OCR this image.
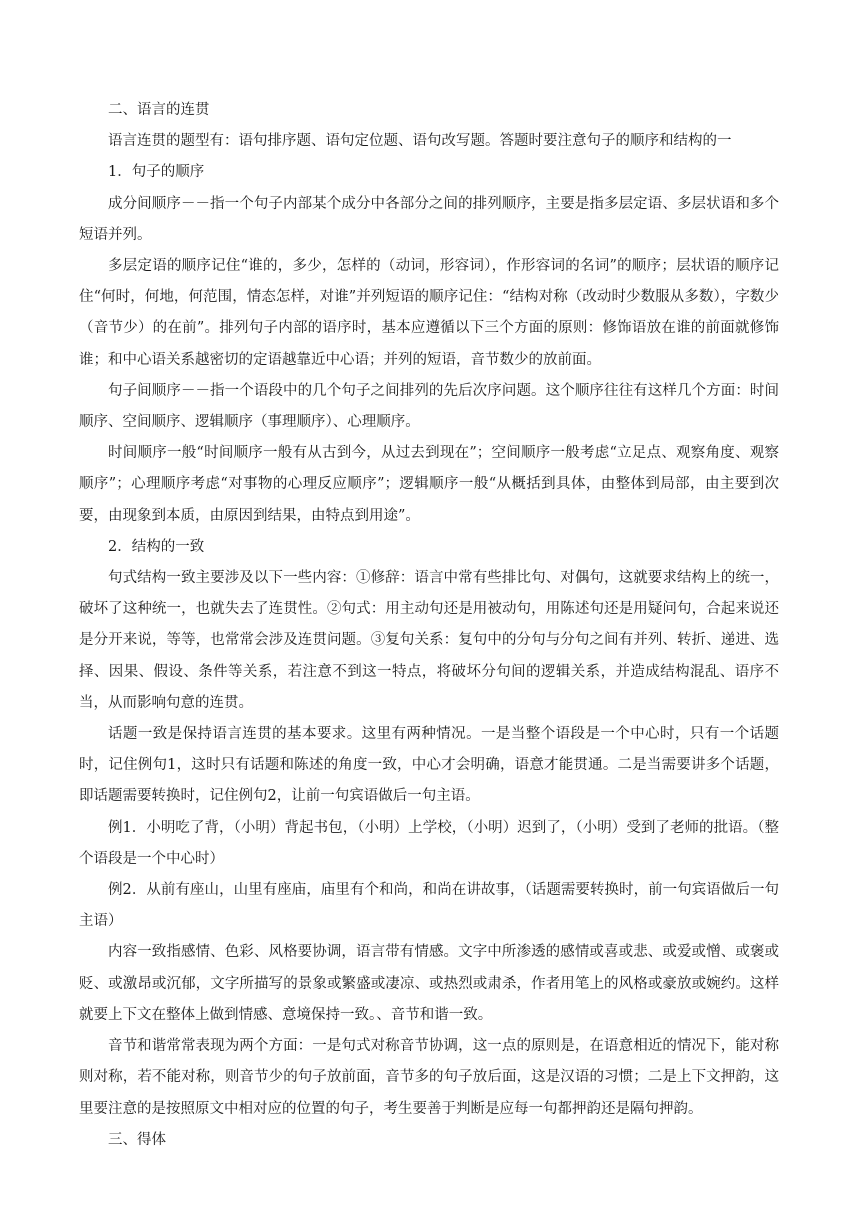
二、语言的连贯

语言连贯的题型有：语句排序题、语句定位题、语句改写题。答题时要注意句子的顺序和结构的一

1．句子的顺序

成分间顺序－－指一个句子内部某个成分中各部分之间的排列顺序，主要是指多层定语、多层状语和多个短语并列。

多层定语的顺序记住“谁的，多少，怎样的（动词，形容词），作形容词的名词”的顺序；层状语的顺序记住“何时，何地，何范围，情态怎样，对谁”并列短语的顺序记住：“结构对称（改动时少数服从多数），字数少（音节少）的在前”。排列句子内部的语序时，基本应遵循以下三个方面的原则：修饰语放在谁的前面就修饰谁；和中心语关系越密切的定语越靠近中心语；并列的短语，音节数少的放前面。

句子间顺序－－指一个语段中的几个句子之间排列的先后次序问题。这个顺序往往有这样几个方面：时间顺序、空间顺序、逻辑顺序（事理顺序）、心理顺序。

时间顺序一般“时间顺序一般有从古到今，从过去到现在”；空间顺序一般考虑“立足点、观察角度、观察顺序”；心理顺序考虑“对事物的心理反应顺序”；逻辑顺序一般“从概括到具体，由整体到局部，由主要到次要，由现象到本质，由原因到结果，由特点到用途”。

2．结构的一致

句式结构一致主要涉及以下一些内容：①修辞：语言中常有些排比句、对偶句，这就要求结构上的统一，破坏了这种统一，也就失去了连贯性。②句式：用主动句还是用被动句，用陈述句还是用疑问句，合起来说还是分开来说，等等，也常常会涉及连贯问题。③复句关系：复句中的分句与分句之间有并列、转折、递进、选择、因果、假设、条件等关系，若注意不到这一特点，将破坏分句间的逻辑关系，并造成结构混乱、语序不当，从而影响句意的连贯。

话题一致是保持语言连贯的基本要求。这里有两种情况。一是当整个语段是一个中心时，只有一个话题时，记住例句1，这时只有话题和陈述的角度一致，中心才会明确，语意才能贯通。二是当需要讲多个话题，即话题需要转换时，记住例句2，让前一句宾语做后一句主语。

例1．小明吃了背，（小明）背起书包，（小明）上学校，（小明）迟到了，（小明）受到了老师的批语。（整个语段是一个中心时）

例2．从前有座山，山里有座庙，庙里有个和尚，和尚在讲故事，（话题需要转换时，前一句宾语做后一句主语）

内容一致指感情、色彩、风格要协调，语言带有情感。文字中所渗透的感情或喜或悲、或爱或憎、或褒或贬、或激昂或沉郁，文字所描写的景象或繁盛或凄凉、或热烈或肃杀，作者用笔上的风格或豪放或婉约。这样就要上下文在整体上做到情感、意境保持一致。、音节和谐一致。

音节和谐常常表现为两个方面：一是句式对称音节协调，这一点的原则是，在语意相近的情况下，能对称则对称，若不能对称，则音节少的句子放前面，音节多的句子放后面，这是汉语的习惯；二是上下文押韵，这里要注意的是按照原文中相对应的位置的句子，考生要善于判断是应每一句都押韵还是隔句押韵。

三、得体
